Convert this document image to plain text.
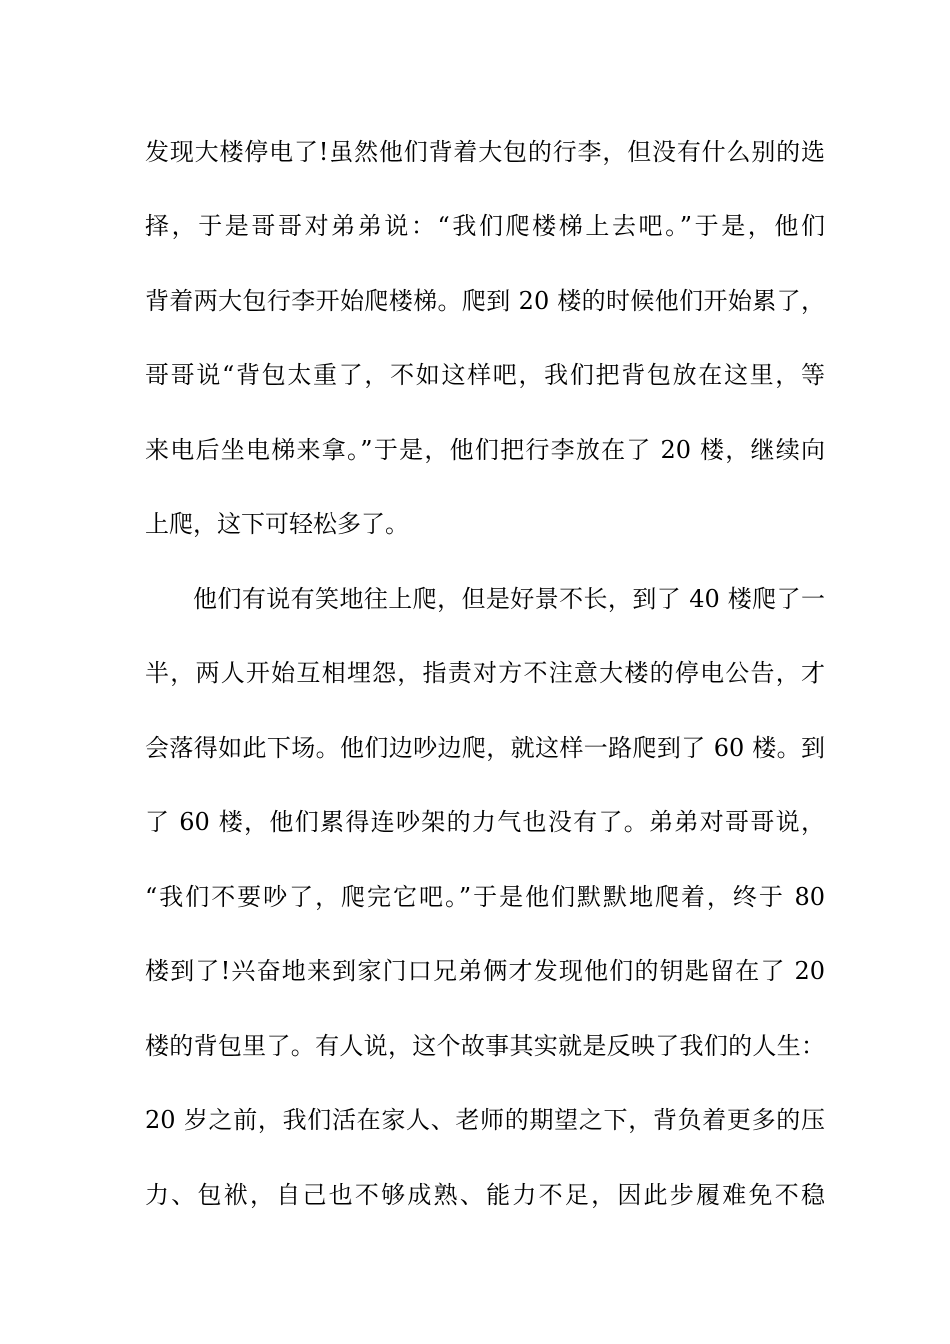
发现大楼停电了!虽然他们背着大包的行李，但没有什么别的选
择，于是哥哥对弟弟说：“我们爬楼梯上去吧。”于是，他们
背着两大包行李开始爬楼梯。爬到 20 楼的时候他们开始累了，
哥哥说“背包太重了，不如这样吧，我们把背包放在这里，等
来电后坐电梯来拿。”于是，他们把行李放在了 20 楼，继续向
上爬，这下可轻松多了。
他们有说有笑地往上爬，但是好景不长，到了 40 楼爬了一
半，两人开始互相埋怨，指责对方不注意大楼的停电公告，才
会落得如此下场。他们边吵边爬，就这样一路爬到了 60 楼。到
了 60 楼，他们累得连吵架的力气也没有了。弟弟对哥哥说，
“我们不要吵了，爬完它吧。”于是他们默默地爬着，终于 80
楼到了!兴奋地来到家门口兄弟俩才发现他们的钥匙留在了 20
楼的背包里了。有人说，这个故事其实就是反映了我们的人生：
20 岁之前，我们活在家人、老师的期望之下，背负着更多的压
力、包袱，自己也不够成熟、能力不足，因此步履难免不稳
